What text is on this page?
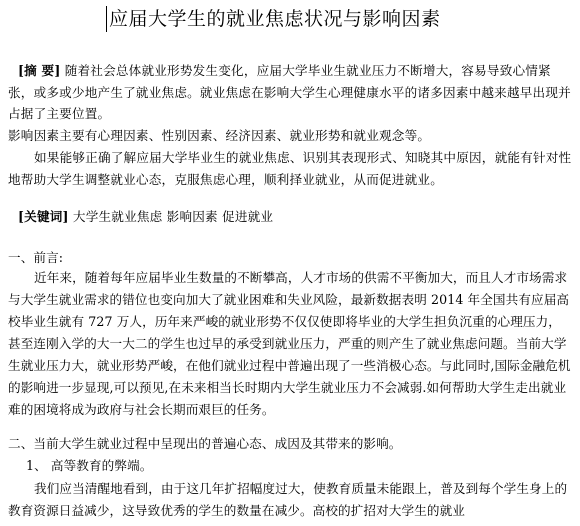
应届大学生的就业焦虑状况与影响因素

[摘 要] 随着社会总体就业形势发生变化，应届大学毕业生就业压力不断增大，容易导致心情紧张，或多或少地产生了就业焦虑。就业焦虑在影响大学生心理健康水平的诸多因素中越来越早出现并占据了主要位置。

影响因素主要有心理因素、性别因素、经济因素、就业形势和就业观念等。

如果能够正确了解应届大学毕业生的就业焦虑、识别其表现形式、知晓其中原因，就能有针对性地帮助大学生调整就业心态，克服焦虑心理，顺利择业就业，从而促进就业。

[关键词] 大学生就业焦虑 影响因素 促进就业

一、前言:

近年来，随着每年应届毕业生数量的不断攀高，人才市场的供需不平衡加大，而且人才市场需求与大学生就业需求的错位也变向加大了就业困难和失业风险，最新数据表明 2014 年全国共有应届高校毕业生就有 727 万人，历年来严峻的就业形势不仅仅使即将毕业的大学生担负沉重的心理压力，甚至连刚入学的大一大二的学生也过早的承受到就业压力，严重的则产生了就业焦虑问题。当前大学生就业压力大，就业形势严峻，在他们就业过程中普遍出现了一些消极心态。与此同时,国际金融危机的影响进一步显现,可以预见,在未来相当长时期内大学生就业压力不会减弱.如何帮助大学生走出就业难的困境将成为政府与社会长期而艰巨的任务。

二、当前大学生就业过程中呈现出的普遍心态、成因及其带来的影响。

1、 高等教育的弊端。

我们应当清醒地看到，由于这几年扩招幅度过大，使教育质量未能跟上，普及到每个学生身上的教育资源日益减少，这导致优秀的学生的数量在减少。高校的扩招对大学生的就业
